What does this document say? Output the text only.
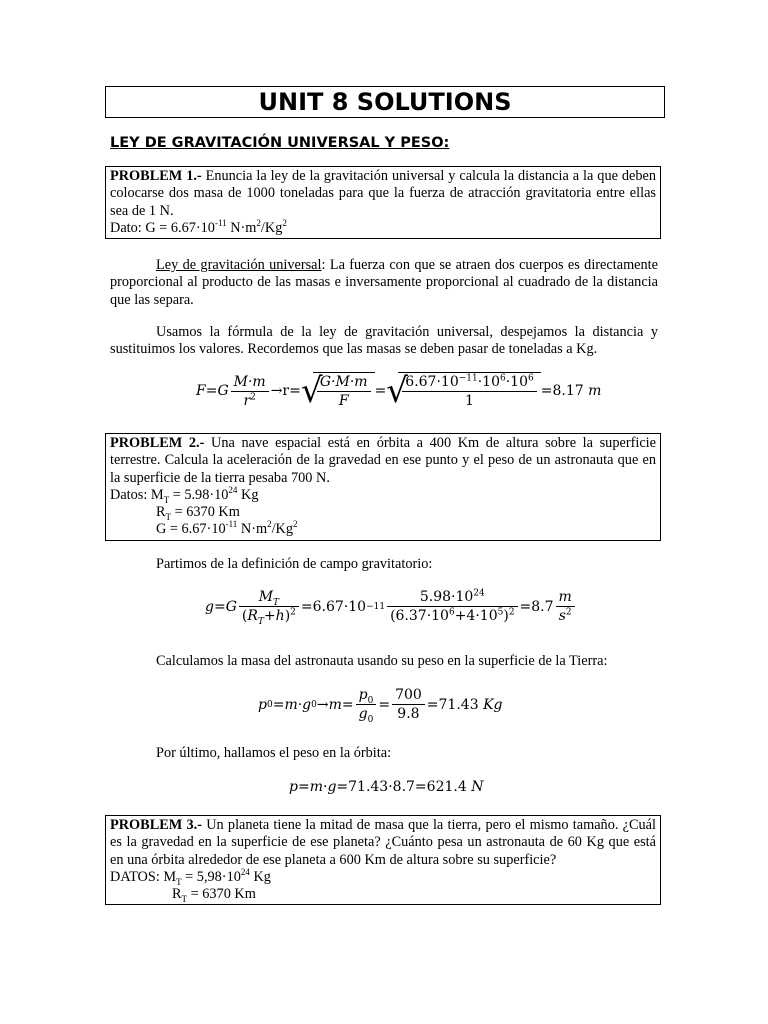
UNIT 8 SOLUTIONS
LEY DE GRAVITACIÓN UNIVERSAL Y PESO:
PROBLEM 1.- Enuncia la ley de la gravitación universal y calcula la distancia a la que deben colocarse dos masa de 1000 toneladas para que la fuerza de atracción gravitatoria entre ellas sea de 1 N.
Dato: $G = 6.67\cdot 10^{-11}$ $N\cdot m^2/Kg^2$
Ley de gravitación universal: La fuerza con que se atraen dos cuerpos es directamente proporcional al producto de las masas e inversamente proporcional al cuadrado de la distancia que las separa.
Usamos la fórmula de la ley de gravitación universal, despejamos la distancia y sustituimos los valores. Recordemos que las masas se deben pasar de toneladas a Kg.
$F=G \frac{M\cdot m}{r^2} \to r=$ √
$\frac{G\cdot M\cdot m}{F}$ = √
$\frac{6.67\cdot 10^{-11}\cdot 10^6\cdot 10^6}{1} =8.17$
m
PROBLEM 2.- Una nave espacial está en órbita a 400 Km de altura sobre la superficie terrestre. Calcula la aceleración de la gravedad en ese punto y el peso de un astronauta que en la superficie de la tierra pesaba 700 N.
Datos: $M_T = 5.98\cdot 10^{24}$ Kg
$R_T = 6370$ Km
$G = 6.67\cdot 10^{-11}$ $N\cdot m^2/Kg^2$
Partimos de la definición de campo gravitatorio:
g = G $\frac{M_T}{(R_T+h)^2} =6.67\cdot 10 -11 \frac{5.98\cdot 10^{24}}{(6.37\cdot 10^6+4\cdot 10^5)^2} =8.7 \frac{m}{s^2}$
Calculamos la masa del astronauta usando su peso en la superficie de la Tierra:
p 0 = m · g $0 \to m = \frac{p_0}{g_0} = \frac{700}{9.8} =71.43$ Kg
Por último, hallamos el peso en la órbita:
p = m · g =71.43·8.7=621.4
N
PROBLEM 3.- Un planeta tiene la mitad de masa que la tierra, pero el mismo tamaño. ¿Cuál es la gravedad en la superficie de ese planeta? ¿Cuánto pesa un astronauta de 60 Kg que está en una órbita alrededor de ese planeta a 600 Km de altura sobre su superficie?
DATOS: $M_T = 5,98\cdot 10^{24}$ Kg
$R_T = 6370$ Km
